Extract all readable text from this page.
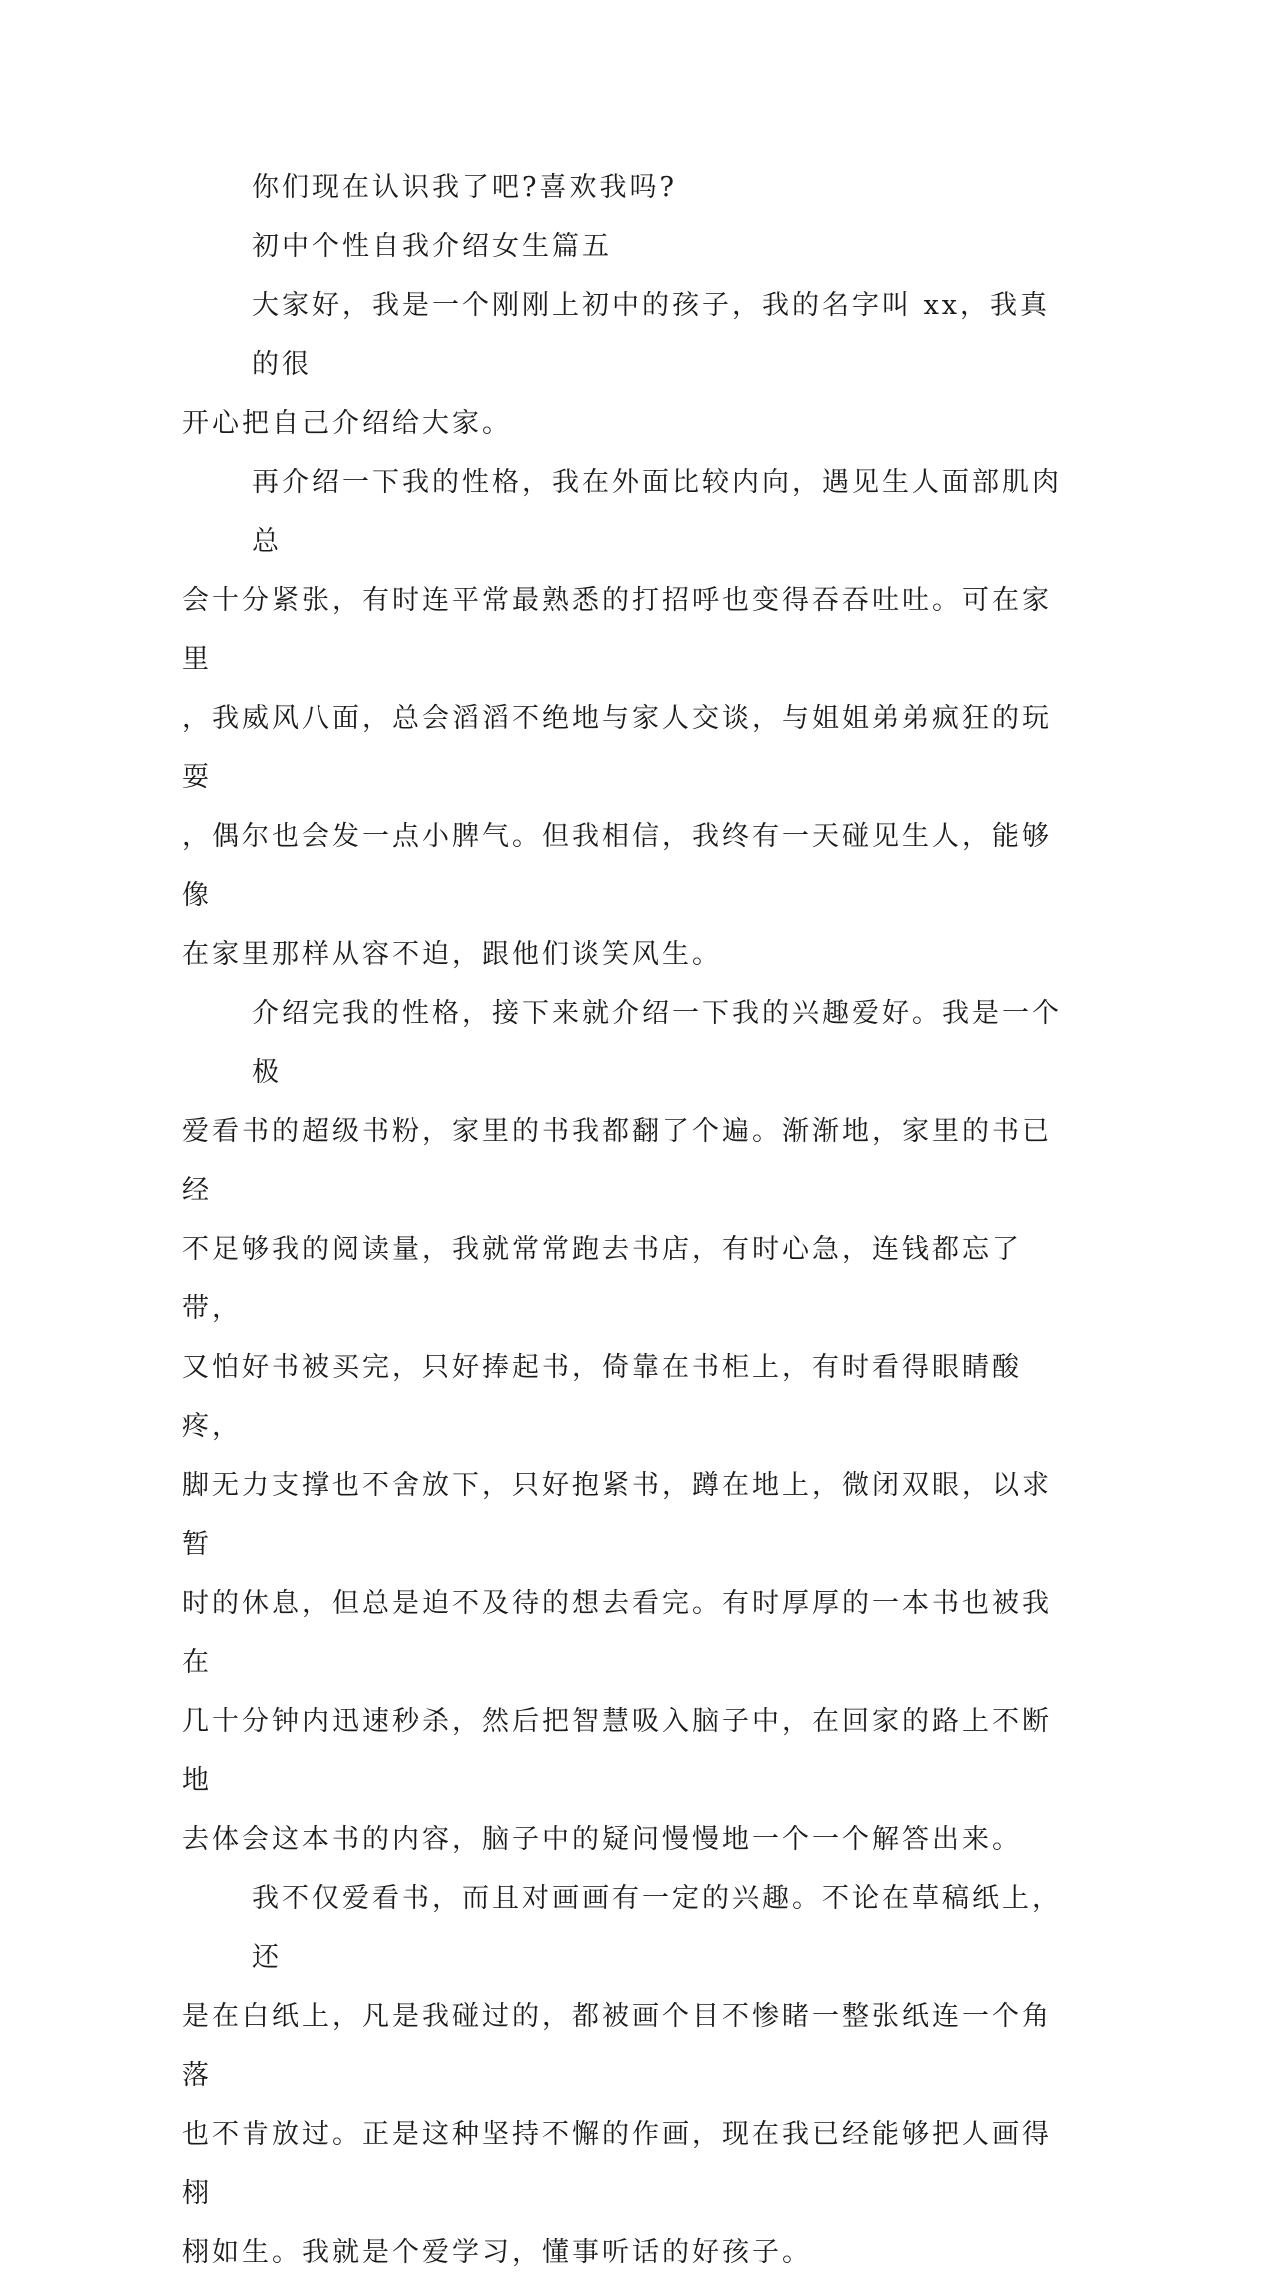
你们现在认识我了吧?喜欢我吗?

初中个性自我介绍女生篇五

大家好，我是一个刚刚上初中的孩子，我的名字叫 xx，我真的很
开心把自己介绍给大家。

再介绍一下我的性格，我在外面比较内向，遇见生人面部肌肉总
会十分紧张，有时连平常最熟悉的打招呼也变得吞吞吐吐。可在家里
，我威风八面，总会滔滔不绝地与家人交谈，与姐姐弟弟疯狂的玩耍
，偶尔也会发一点小脾气。但我相信，我终有一天碰见生人，能够像
在家里那样从容不迫，跟他们谈笑风生。

介绍完我的性格，接下来就介绍一下我的兴趣爱好。我是一个极
爱看书的超级书粉，家里的书我都翻了个遍。渐渐地，家里的书已经
不足够我的阅读量，我就常常跑去书店，有时心急，连钱都忘了带，
又怕好书被买完，只好捧起书，倚靠在书柜上，有时看得眼睛酸疼，
脚无力支撑也不舍放下，只好抱紧书，蹲在地上，微闭双眼，以求暂
时的休息，但总是迫不及待的想去看完。有时厚厚的一本书也被我在
几十分钟内迅速秒杀，然后把智慧吸入脑子中，在回家的路上不断地
去体会这本书的内容，脑子中的疑问慢慢地一个一个解答出来。

我不仅爱看书，而且对画画有一定的兴趣。不论在草稿纸上，还
是在白纸上，凡是我碰过的，都被画个目不惨睹一整张纸连一个角落
也不肯放过。正是这种坚持不懈的作画，现在我已经能够把人画得栩
栩如生。我就是个爱学习，懂事听话的好孩子。
